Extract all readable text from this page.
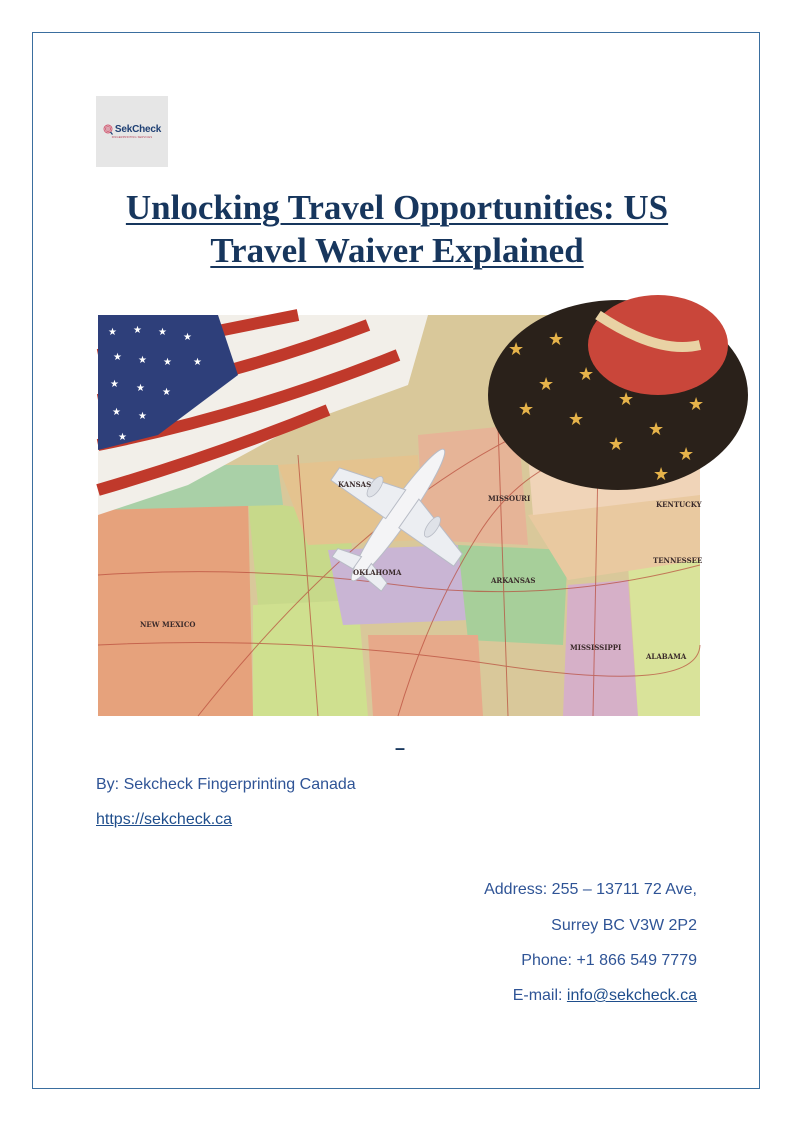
SekCheck
FINGERPRINTING SERVICES
Unlocking Travel Opportunities: US
Travel Waiver Explained
★ ★ ★ ★
★ ★ ★ ★
★ ★ ★
★ ★
★
★ ★
★ ★
★
★
★
★
★
★
★
★
KANSAS
MISSOURI
KENTUCKY
TENNESSEE
OKLAHOMA
ARKANSAS
NEW MEXICO
MISSISSIPPI
ALABAMA
–
By: Sekcheck Fingerprinting Canada
https://sekcheck.ca
Address: 255 – 13711 72 Ave,
Surrey BC V3W 2P2
Phone: +1 866 549 7779
E-mail: info@sekcheck.ca
